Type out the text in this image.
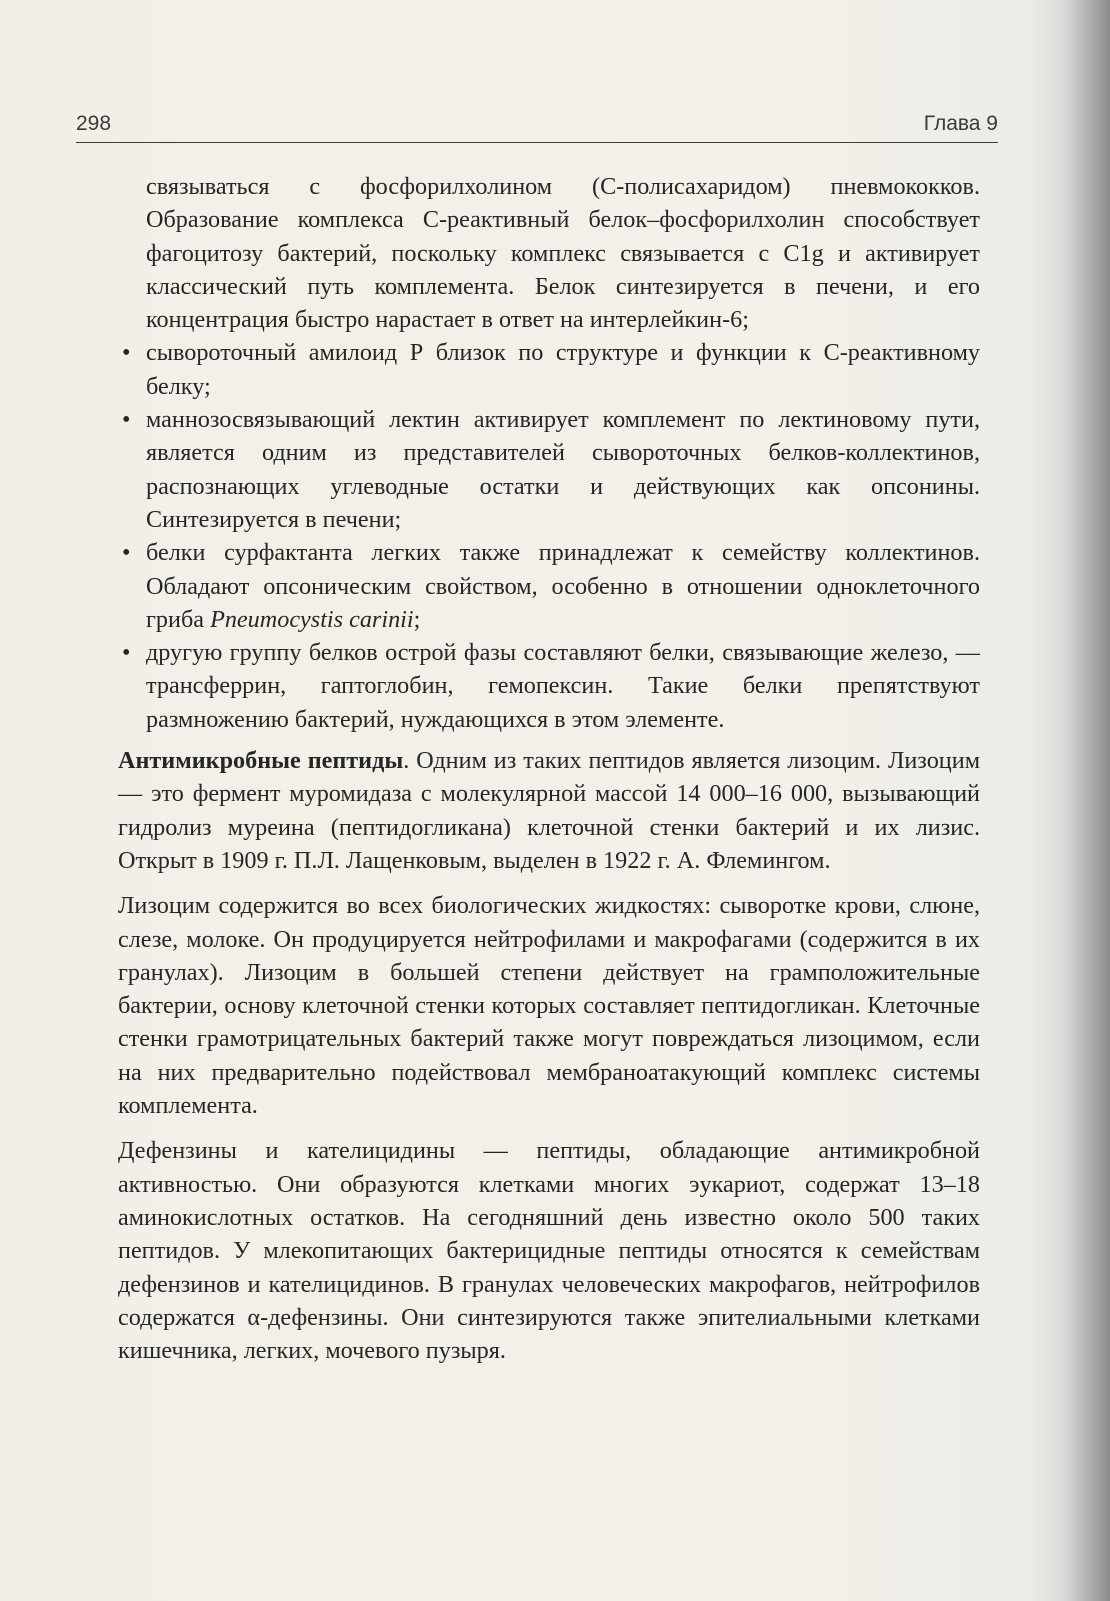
298	Глава 9

связываться с фосфорилхолином (С-полисахаридом) пневмококков. Образование комплекса С-реактивный белок–фосфорилхолин способствует фагоцитозу бактерий, поскольку комплекс связывается с C1g и активирует классический путь комплемента. Белок синтезируется в печени, и его концентрация быстро нарастает в ответ на интерлейкин-6;

• сывороточный амилоид Р близок по структуре и функции к С-реактивному белку;
• маннозосвязывающий лектин активирует комплемент по лектиновому пути, является одним из представителей сывороточных белков-коллектинов, распознающих углеводные остатки и действующих как опсонины. Синтезируется в печени;
• белки сурфактанта легких также принадлежат к семейству коллектинов. Обладают опсоническим свойством, особенно в отношении одноклеточного гриба Pneumocystis carinii;
• другую группу белков острой фазы составляют белки, связывающие железо, — трансферрин, гаптоглобин, гемопексин. Такие белки препятствуют размножению бактерий, нуждающихся в этом элементе.

Антимикробные пептиды. Одним из таких пептидов является лизоцим. Лизоцим — это фермент муромидаза с молекулярной массой 14 000–16 000, вызывающий гидролиз муреина (пептидогликана) клеточной стенки бактерий и их лизис. Открыт в 1909 г. П.Л. Лащенковым, выделен в 1922 г. А. Флемингом.

Лизоцим содержится во всех биологических жидкостях: сыворотке крови, слюне, слезе, молоке. Он продуцируется нейтрофилами и макрофагами (содержится в их гранулах). Лизоцим в большей степени действует на грамположительные бактерии, основу клеточной стенки которых составляет пептидогликан. Клеточные стенки грамотрицательных бактерий также могут повреждаться лизоцимом, если на них предварительно подействовал мембраноатакующий комплекс системы комплемента.

Дефензины и кателицидины — пептиды, обладающие антимикробной активностью. Они образуются клетками многих эукариот, содержат 13–18 аминокислотных остатков. На сегодняшний день известно около 500 таких пептидов. У млекопитающих бактерицидные пептиды относятся к семействам дефензинов и кателицидинов. В гранулах человеческих макрофагов, нейтрофилов содержатся α-дефензины. Они синтезируются также эпителиальными клетками кишечника, легких, мочевого пузыря.
